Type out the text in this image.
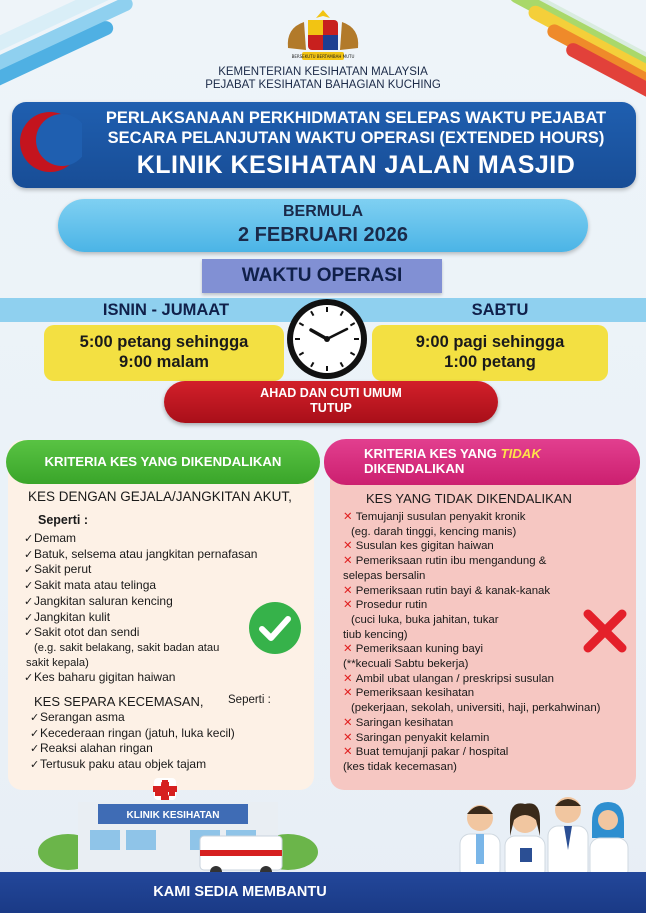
BERSEKUTU BERTAMBAH MUTU
KEMENTERIAN KESIHATAN MALAYSIA
PEJABAT KESIHATAN BAHAGIAN KUCHING
PERLAKSANAAN PERKHIDMATAN SELEPAS WAKTU PEJABAT
SECARA PELANJUTAN WAKTU OPERASI (EXTENDED HOURS)
KLINIK KESIHATAN JALAN MASJID
BERMULA
2 FEBRUARI 2026
WAKTU OPERASI
ISNIN - JUMAAT	SABTU
5:00 petang sehingga
9:00 malam
9:00 pagi sehingga
1:00 petang
AHAD DAN CUTI UMUM
TUTUP
KRITERIA KES YANG DIKENDALIKAN
KES DENGAN GEJALA/JANGKITAN AKUT,
Seperti :
✓Demam
✓Batuk, selsema atau jangkitan pernafasan
✓Sakit perut
✓Sakit mata atau telinga
✓Jangkitan saluran kencing
✓Jangkitan kulit
✓Sakit otot dan sendi
(e.g. sakit belakang, sakit badan atau
sakit kepala)
✓Kes baharu gigitan haiwan
KES SEPARA KECEMASAN, Seperti :
✓Serangan asma
✓Kecederaan ringan (jatuh, luka kecil)
✓Reaksi alahan ringan
✓Tertusuk paku atau objek tajam
KRITERIA KES YANG TIDAK
DIKENDALIKAN
KES YANG TIDAK DIKENDALIKAN
✕ Temujanji susulan penyakit kronik
(eg. darah tinggi, kencing manis)
✕ Susulan kes gigitan haiwan
✕ Pemeriksaan rutin ibu mengandung &
selepas bersalin
✕ Pemeriksaan rutin bayi & kanak-kanak
✕ Prosedur rutin
(cuci luka, buka jahitan, tukar
tiub kencing)
✕ Pemeriksaan kuning bayi
(**kecuali Sabtu bekerja)
✕ Ambil ubat ulangan / preskripsi susulan
✕ Pemeriksaan kesihatan
(pekerjaan, sekolah, universiti, haji, perkahwinan)
✕ Saringan kesihatan
✕ Saringan penyakit kelamin
✕ Buat temujanji pakar / hospital
(kes tidak kecemasan)
KLINIK KESIHATAN
KAMI SEDIA MEMBANTU
